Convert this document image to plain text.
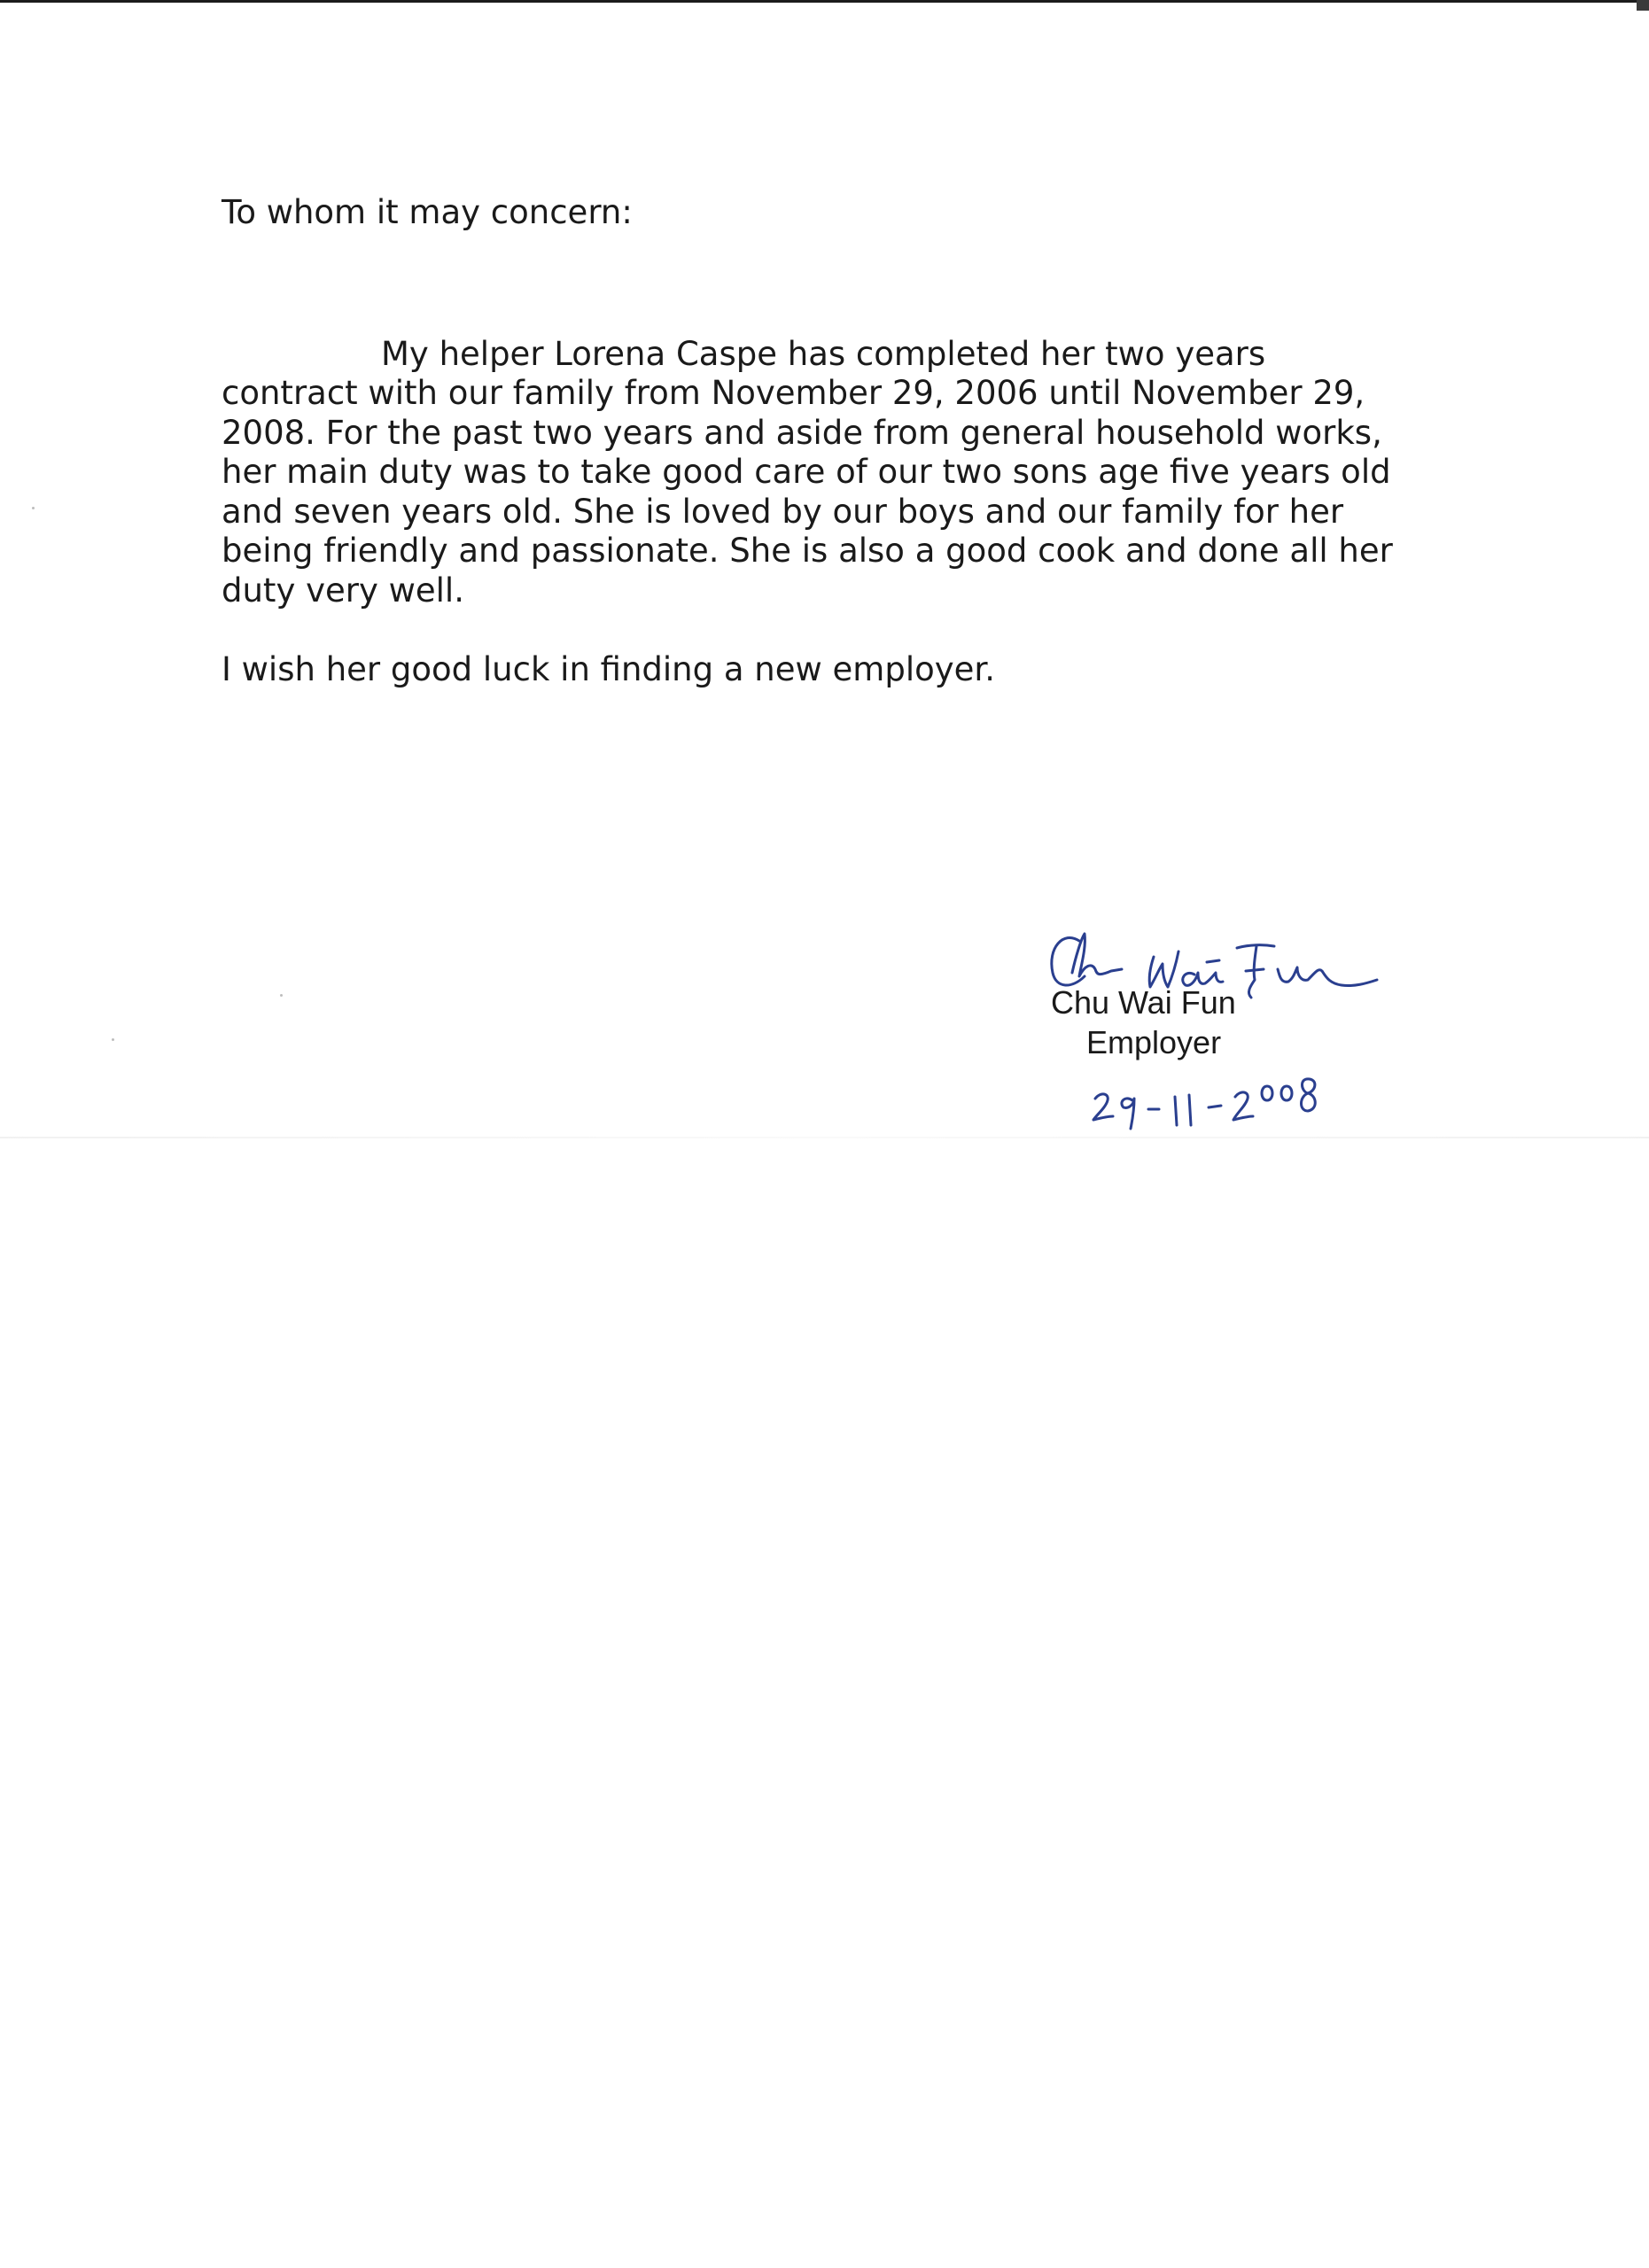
To whom it may concern:

My helper Lorena Caspe has completed her two years contract with our family from November 29, 2006 until November 29, 2008. For the past two years and aside from general household works, her main duty was to take good care of our two sons age five years old and seven years old. She is loved by our boys and our family for her being friendly and passionate. She is also a good cook and done all her duty very well.

I wish her good luck in finding a new employer.

Chu Wai Fun
Employer
